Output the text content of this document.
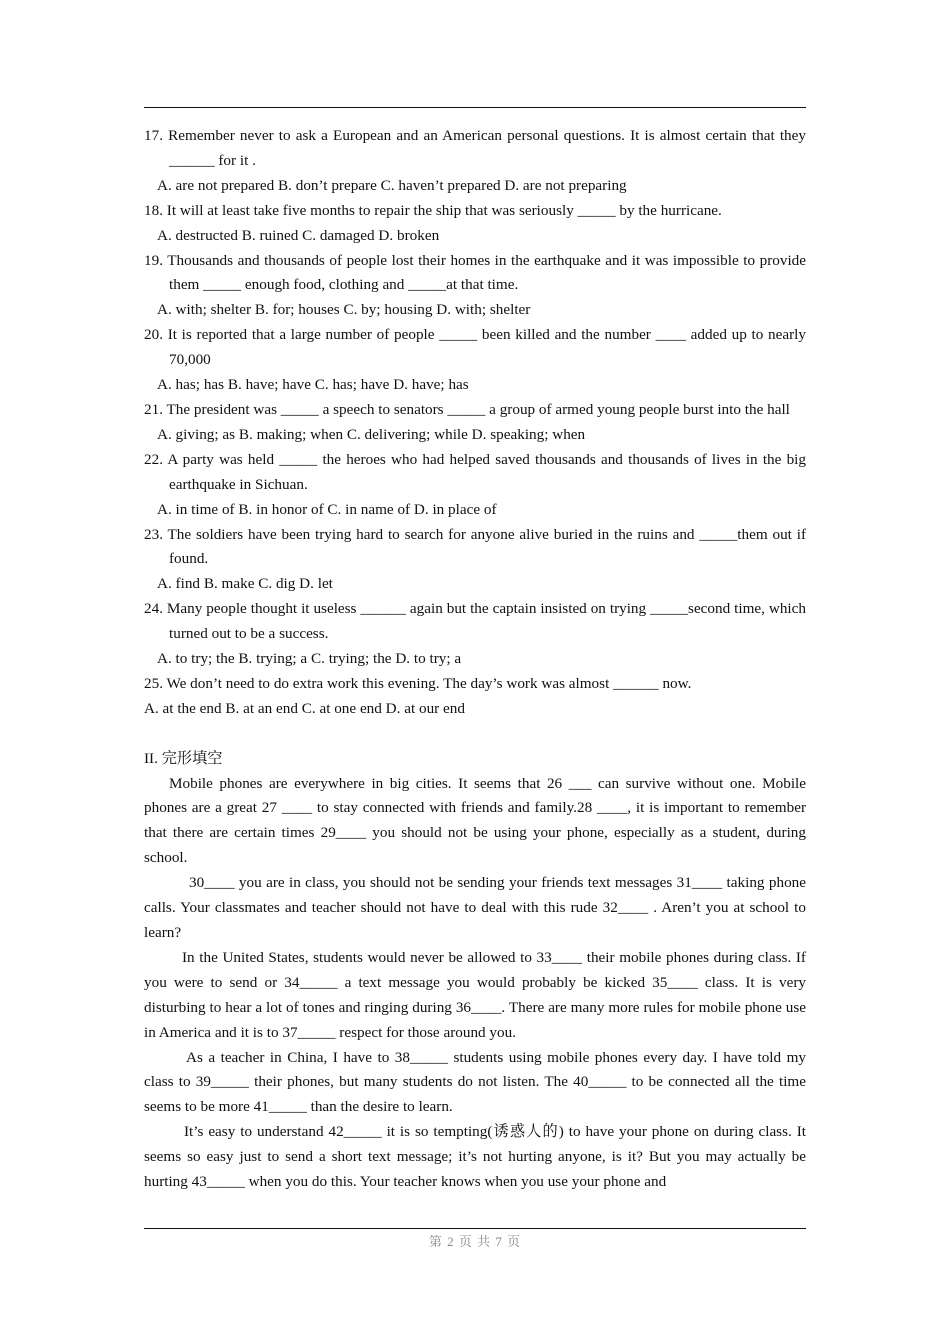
17. Remember never to ask a European and an American personal questions. It is almost certain that they ______ for it .
A. are not prepared B. don’t prepare C. haven’t prepared D. are not preparing
18. It will at least take five months to repair the ship that was seriously _____ by the hurricane.
A. destructed B. ruined C. damaged D. broken
19. Thousands and thousands of people lost their homes in the earthquake and it was impossible to provide them _____ enough food, clothing and _____at that time.
A. with; shelter B. for; houses C. by; housing D. with; shelter
20. It is reported that a large number of people _____ been killed and the number ____ added up to nearly 70,000
A. has; has B. have; have C. has; have D. have; has
21. The president was _____ a speech to senators _____ a group of armed young people burst into the hall
A. giving; as B. making; when C. delivering; while D. speaking; when
22. A party was held _____ the heroes who had helped saved thousands and thousands of lives in the big earthquake in Sichuan.
A. in time of B. in honor of C. in name of D. in place of
23. The soldiers have been trying hard to search for anyone alive buried in the ruins and _____them out if found.
A. find B. make C. dig D. let
24. Many people thought it useless ______ again but the captain insisted on trying _____second time, which turned out to be a success.
A. to try; the B. trying; a C. trying; the D. to try; a
25. We don’t need to do extra work this evening. The day’s work was almost ______ now.
A. at the end B. at an end C. at one end D. at our end
II. 完形填空
Mobile phones are everywhere in big cities. It seems that 26 ___ can survive without one. Mobile phones are a great 27 ____ to stay connected with friends and family.28 ____, it is important to remember that there are certain times 29____ you should not be using your phone, especially as a student, during school.
30____ you are in class, you should not be sending your friends text messages 31____ taking phone calls. Your classmates and teacher should not have to deal with this rude 32____ . Aren’t you at school to learn?
In the United States, students would never be allowed to 33____ their mobile phones during class. If you were to send or 34_____ a text message you would probably be kicked 35____ class. It is very disturbing to hear a lot of tones and ringing during 36____. There are many more rules for mobile phone use in America and it is to 37_____ respect for those around you.
As a teacher in China, I have to 38_____ students using mobile phones every day. I have told my class to 39_____ their phones, but many students do not listen. The 40_____ to be connected all the time seems to be more 41_____ than the desire to learn.
It’s easy to understand 42_____ it is so tempting(诱惑人的) to have your phone on during class. It seems so easy just to send a short text message; it’s not hurting anyone, is it? But you may actually be hurting 43_____ when you do this. Your teacher knows when you use your phone and
第 2 页 共 7 页
